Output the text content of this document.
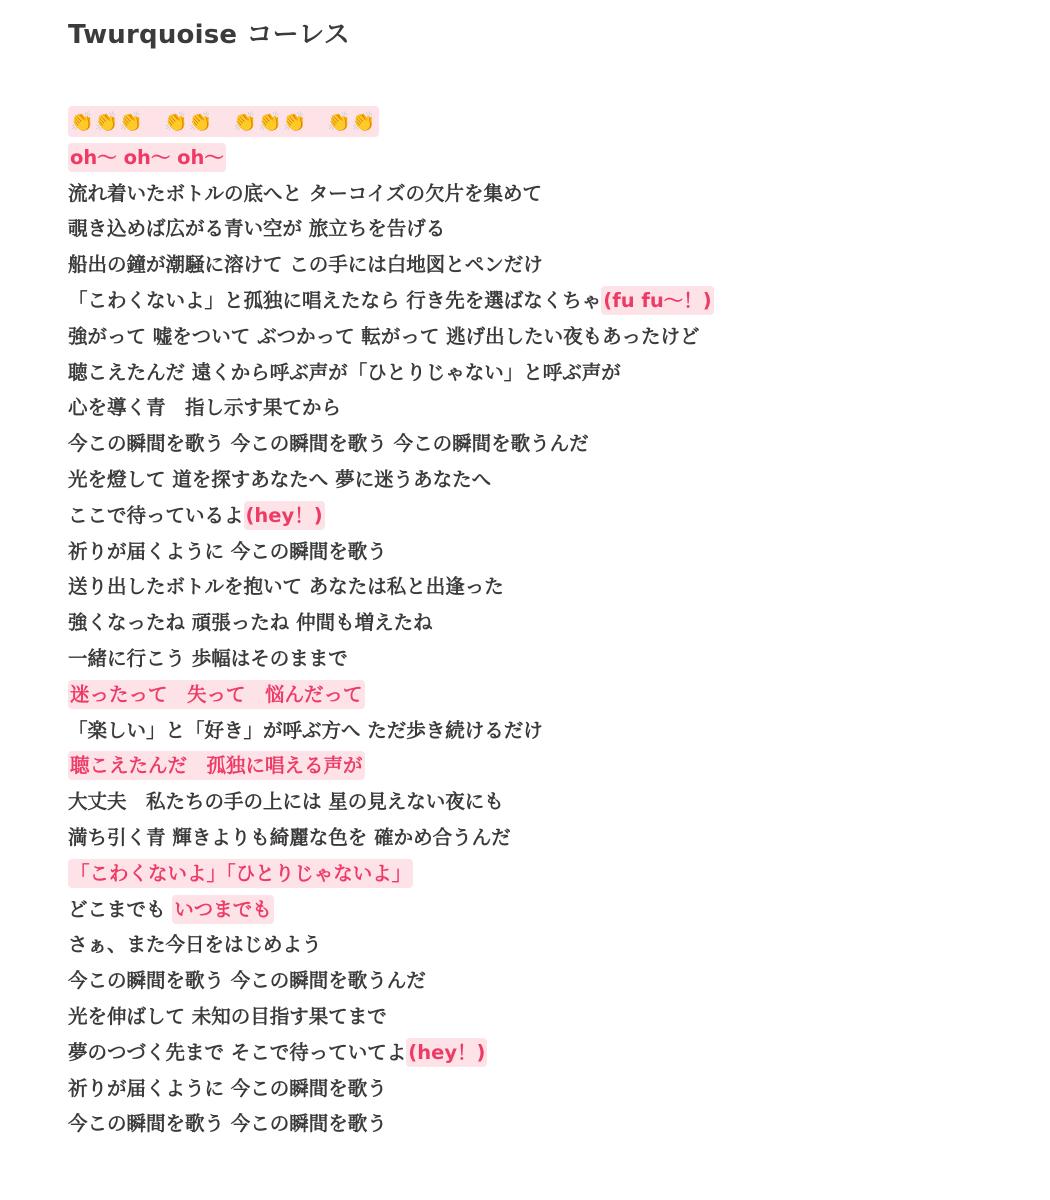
Twurquoise コーレス
👏👏👏　👏👏　👏👏👏　👏👏
oh〜 oh〜 oh〜
流れ着いたボトルの底へと ターコイズの欠片を集めて
覗き込めば広がる青い空が 旅立ちを告げる
船出の鐘が潮騒に溶けて この手には白地図とペンだけ
「こわくないよ」と孤独に唱えたなら 行き先を選ばなくちゃ (fu fu〜！)
強がって 嘘をついて ぶつかって 転がって 逃げ出したい夜もあったけど
聴こえたんだ 遠くから呼ぶ声が「ひとりじゃない」と呼ぶ声が
心を導く青　指し示す果てから
今この瞬間を歌う 今この瞬間を歌う 今この瞬間を歌うんだ
光を燈して 道を探すあなたへ 夢に迷うあなたへ
ここで待っているよ (hey！)
祈りが届くように 今この瞬間を歌う
送り出したボトルを抱いて あなたは私と出逢った
強くなったね 頑張ったね 仲間も増えたね
一緒に行こう 歩幅はそのままで
迷ったって　失って　悩んだって
「楽しい」と「好き」が呼ぶ方へ ただ歩き続けるだけ
聴こえたんだ　孤独に唱える声が
大丈夫　私たちの手の上には 星の見えない夜にも
満ち引く青 輝きよりも綺麗な色を 確かめ合うんだ
「こわくないよ」「ひとりじゃないよ」
どこまでも いつまでも
さぁ、また今日をはじめよう
今この瞬間を歌う 今この瞬間を歌うんだ
光を伸ばして 未知の目指す果てまで
夢のつづく先まで そこで待っていてよ (hey！)
祈りが届くように 今この瞬間を歌う
今この瞬間を歌う 今この瞬間を歌う
